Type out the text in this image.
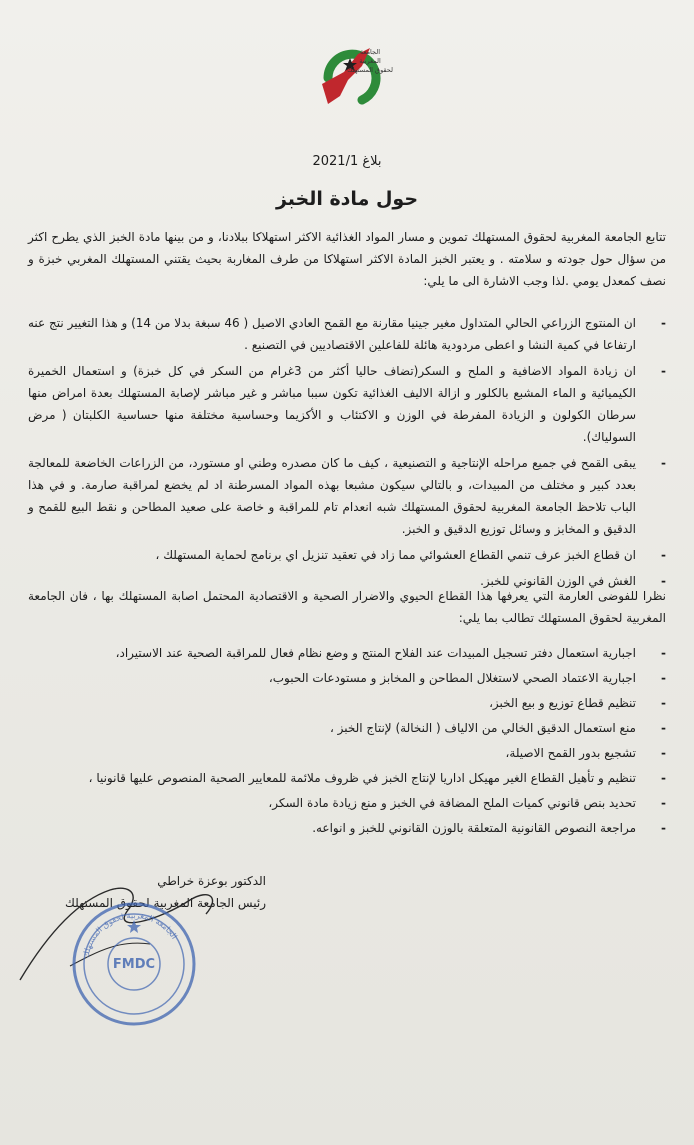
الجامعة
المغربية
لحقوق المستهلك
بلاغ 2021/1
حول مادة الخبز
تتابع الجامعة المغربية لحقوق المستهلك تموين و مسار المواد الغذائية الاكثر استهلاكا ببلادنا، و من بينها مادة الخبز الذي يطرح اكثر من سؤال حول جودته و سلامته . و يعتبر الخبز المادة الاكثر استهلاكا من طرف المغاربة بحيث يقتني المستهلك المغربي خبزة و نصف كمعدل يومي .لذا وجب الاشارة الى ما يلي:
- ان المنتوج الزراعي الحالي المتداول مغير جينيا مقارنة مع القمح العادي الاصيل ( 46 سبغة بدلا من 14) و هذا التغيير نتج عنه ارتفاعا في كمية النشا و اعطى مردودية هائلة للفاعلين الاقتصاديين في التصنيع .
- ان زيادة المواد الاضافية و الملح و السكر(تضاف حاليا أكثر من 3غرام من السكر في كل خبزة) و استعمال الخميرة الكيميائية و الماء المشبع بالكلور و ازالة الاليف الغذائية تكون سببا مباشر و غير مباشر لإصابة المستهلك بعدة امراض منها سرطان الكولون و الزيادة المفرطة في الوزن و الاكتئاب و الأكزيما وحساسية مختلفة منها حساسية الكلبتان ( مرض السولياك).
- يبقى القمح في جميع مراحله الإنتاجية و التصنيعية ، كيف ما كان مصدره وطني او مستورد، من الزراعات الخاضعة للمعالجة بعدد كبير و مختلف من المبيدات، و بالتالي سيكون مشبعا بهذه المواد المسرطنة اد لم يخضع لمراقبة صارمة. و في هذا الباب تلاحظ الجامعة المغربية لحقوق المستهلك شبه انعدام تام للمراقبة و خاصة على صعيد المطاحن و نقط البيع للقمح و الدقيق و المخابز و وسائل توزيع الدقيق و الخبز.
- ان قطاع الخبز عرف تنمي القطاع العشوائي مما زاد في تعقيد تنزيل اي برنامج لحماية المستهلك ،
- الغش في الوزن القانوني للخبز.
نظرا للفوضى العارمة التي يعرفها هذا القطاع الحيوي والاضرار الصحية و الاقتصادية المحتمل اصابة المستهلك بها ، فان الجامعة المغربية لحقوق المستهلك تطالب بما يلي:
- اجبارية استعمال دفتر تسجيل المبيدات عند الفلاح المنتج و وضع نظام فعال للمراقبة الصحية عند الاستيراد،
- اجبارية الاعتماد الصحي لاستغلال المطاحن و المخابز و مستودعات الحبوب،
- تنظيم قطاع توزيع و بيع الخبز،
- منع استعمال الدقيق الخالي من الالياف ( النخالة) لإنتاج الخبز ،
- تشجيع بدور القمح الاصيلة،
- تنظيم و تأهيل القطاع الغير مهيكل اداريا لإنتاج الخبز في ظروف ملائمة للمعايير الصحية المنصوص عليها قانونيا ،
- تحديد بنص قانوني كميات الملح المضافة في الخبز و منع زيادة مادة السكر،
- مراجعة النصوص القانونية المتعلقة بالوزن القانوني للخبز و انواعه.
الدكتور بوعزة خراطي
رئيس الجامعة المغربية لحقوق المستهلك
الجامعة المغربية لحقوق المستهلك
FMDC
